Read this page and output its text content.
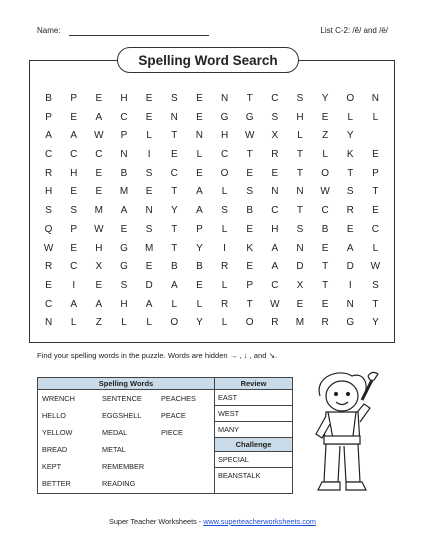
Name:	List C-2: /ĕ/ and /ē/
Spelling Word Search
B	P	E	H	E	S	E	N	T	C	S	Y	O	N
P	E	A	C	E	N	E	G	G	S	H	E	L	L
A	A	W	P	L	T	N	H	W	X	L	Z	Y
C	C	C	N	I	E	L	C	T	R	T	L	K	E
R	H	E	B	S	C	E	O	E	E	T	O	T	P
H	E	E	M	E	T	A	L	S	N	N	W	S	T
S	S	M	A	N	Y	A	S	B	C	T	C	R	E
Q	P	W	E	S	T	P	L	E	H	S	B	E	C
W	E	H	G	M	T	Y	I	K	A	N	E	A	L
R	C	X	G	E	B	B	R	E	A	D	T	D	W
E	I	E	S	D	A	E	L	P	C	X	T	I	S
C	A	A	H	A	L	L	R	T	W	E	E	N	T
N	L	Z	L	L	O	Y	L	O	R	M	R	G	Y
Find your spelling words in the puzzle. Words are hidden → , ↓ , and ↘.
Spelling Words
WRENCH	SENTENCE	PEACHES
HELLO	EGGSHELL	PEACE
YELLOW	MEDAL	PIECE
BREAD	METAL
KEPT	REMEMBER
BETTER	READING
Review
EAST
WEST
MANY
Challenge
SPECIAL
BEANSTALK
Super Teacher Worksheets - www.superteacherworksheets.com
